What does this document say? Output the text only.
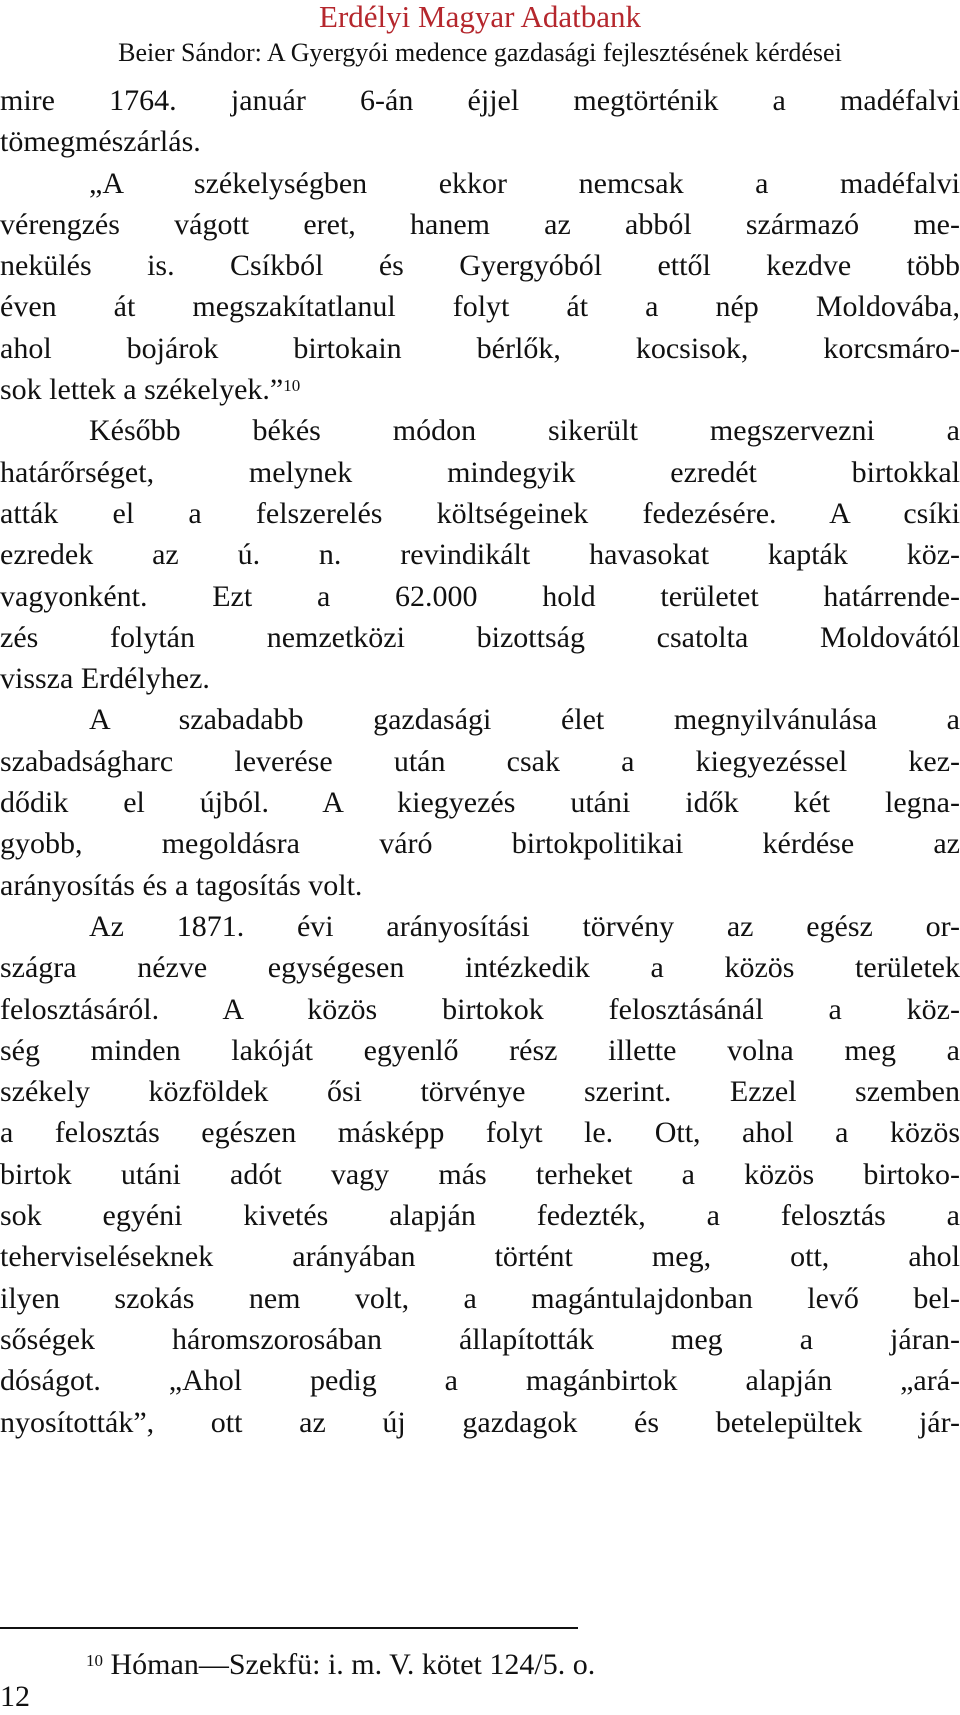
Erdélyi Magyar Adatbank
Beier Sándor: A Gyergyói medence gazdasági fejlesztésének kérdései
mire 1764. január 6-án éjjel megtörténik a madéfalvi
tömegmészárlás.
„A székelységben ekkor nemcsak a madéfalvi
vérengzés vágott eret, hanem az abból származó me-
nekülés is. Csíkból és Gyergyóból ettől kezdve több
éven át megszakítatlanul folyt át a nép Moldovába,
ahol bojárok birtokain bérlők, kocsisok, korcsmáro-
sok lettek a székelyek.”$^{10}$
Később békés módon sikerült megszervezni a
határőrséget, melynek mindegyik ezredét birtokkal
atták el a felszerelés költségeinek fedezésére. A csíki
ezredek az ú. n. revindikált havasokat kapták köz-
vagyonként. Ezt a 62.000 hold területet határrende-
zés folytán nemzetközi bizottság csatolta Moldovától
vissza Erdélyhez.
A szabadabb gazdasági élet megnyilvánulása a
szabadságharc leverése után csak a kiegyezéssel kez-
dődik el újból. A kiegyezés utáni idők két legna-
gyobb, megoldásra váró birtokpolitikai kérdése az
arányosítás és a tagosítás volt.
Az 1871. évi arányosítási törvény az egész or-
szágra nézve egységesen intézkedik a közös területek
felosztásáról. A közös birtokok felosztásánál a köz-
ség minden lakóját egyenlő rész illette volna meg a
székely közföldek ősi törvénye szerint. Ezzel szemben
a felosztás egészen másképp folyt le. Ott, ahol a közös
birtok utáni adót vagy más terheket a közös birtoko-
sok egyéni kivetés alapján fedezték, a felosztás a
teherviseléseknek arányában történt meg, ott, ahol
ilyen szokás nem volt, a magántulajdonban levő bel-
sőségek háromszorosában állapították meg a járan-
dóságot. „Ahol pedig a magánbirtok alapján „ará-
nyosították”, ott az új gazdagok és betelepültek jár-
$^{10}$ Hóman—Szekfü: i. m. V. kötet 124/5. o.
12
